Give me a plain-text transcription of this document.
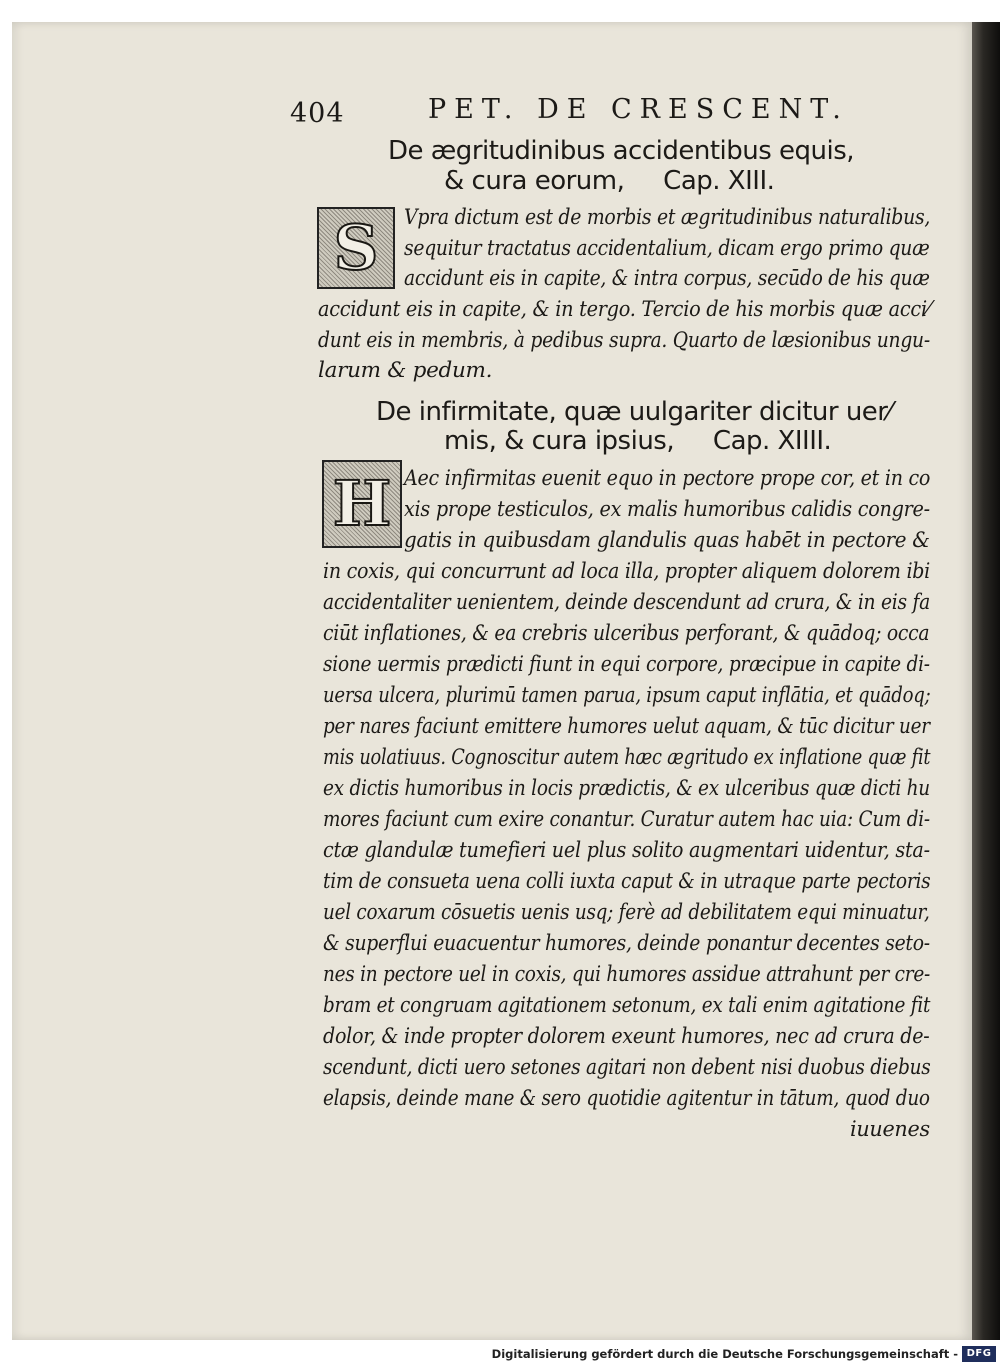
404	PET. DE CRESCENT.
De ægritudinibus accidentibus equis,
& cura eorum,     Cap. XIII.
S Vpra dictum est de morbis et ægritudinibus naturalibus,
sequitur tractatus accidentalium, dicam ergo primo quæ
accidunt eis in capite, & intra corpus, secūdo de his quæ
accidunt eis in capite, & in tergo. Tercio de his morbis quæ acci⁄
dunt eis in membris, à pedibus supra. Quarto de læsionibus ungu-
larum & pedum.
De infirmitate, quæ uulgariter dicitur uer⁄
mis, & cura ipsius,     Cap. XIIII.
H Aec infirmitas euenit equo in pectore prope cor, et in co
xis prope testiculos, ex malis humoribus calidis congre-
gatis in quibusdam glandulis quas habēt in pectore &
in coxis, qui concurrunt ad loca illa, propter aliquem dolorem ibi
accidentaliter uenientem, deinde descendunt ad crura, & in eis fa
ciūt inflationes, & ea crebris ulceribus perforant, & quādoq; occa
sione uermis prædicti fiunt in equi corpore, præcipue in capite di-
uersa ulcera, plurimū tamen parua, ipsum caput inflātia, et quādoq;
per nares faciunt emittere humores uelut aquam, & tūc dicitur uer
mis uolatiuus. Cognoscitur autem hæc ægritudo ex inflatione quæ fit
ex dictis humoribus in locis prædictis, & ex ulceribus quæ dicti hu
mores faciunt cum exire conantur. Curatur autem hac uia: Cum di-
ctæ glandulæ tumefieri uel plus solito augmentari uidentur, sta-
tim de consueta uena colli iuxta caput & in utraque parte pectoris
uel coxarum cōsuetis uenis usq; ferè ad debilitatem equi minuatur,
& superflui euacuentur humores, deinde ponantur decentes seto-
nes in pectore uel in coxis, qui humores assidue attrahunt per cre-
bram et congruam agitationem setonum, ex tali enim agitatione fit
dolor, & inde propter dolorem exeunt humores, nec ad crura de-
scendunt, dicti uero setones agitari non debent nisi duobus diebus
elapsis, deinde mane & sero quotidie agitentur in tātum, quod duo
iuuenes
Digitalisierung gefördert durch die Deutsche Forschungsgemeinschaft - DFG
